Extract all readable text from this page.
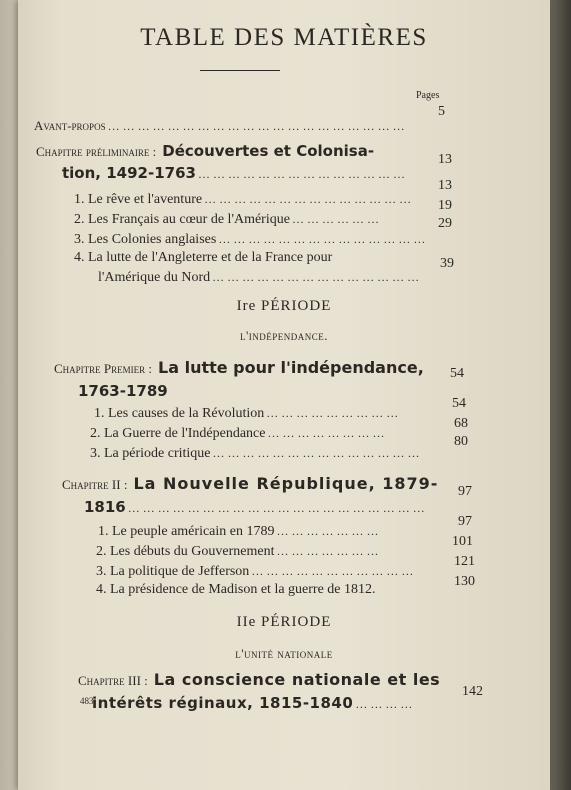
TABLE DES MATIÈRES
Pages
Avant-propos ……………………………………………………
5
Chapitre préliminaire : Découvertes et Colonisa-
tion, 1492-1763 ……………………………………
13
1. Le rêve et l'aventure ……………………………………
13
2. Les Français au cœur de l'Amérique ………………
19
3. Les Colonies anglaises ……………………………………
29
4. La lutte de l'Angleterre et de la France pour
l'Amérique du Nord ……………………………………
39
Ire PÉRIODE
l'indépendance.
Chapitre Premier : La lutte pour l'indépendance,
1763-1789
54
1. Les causes de la Révolution ………………………
54
2. La Guerre de l'Indépendance ……………………
68
3. La période critique ……………………………………
80
Chapitre II : La Nouvelle République, 1879-
1816 ……………………………………………………
97
1. Le peuple américain en 1789 …………………
97
2. Les débuts du Gouvernement …………………
101
3. La politique de Jefferson ……………………………
121
4. La présidence de Madison et la guerre de 1812.
130
IIe PÉRIODE
l'unité nationale
Chapitre III : La conscience nationale et les
intérêts réginaux, 1815-1840 …………
142
483
